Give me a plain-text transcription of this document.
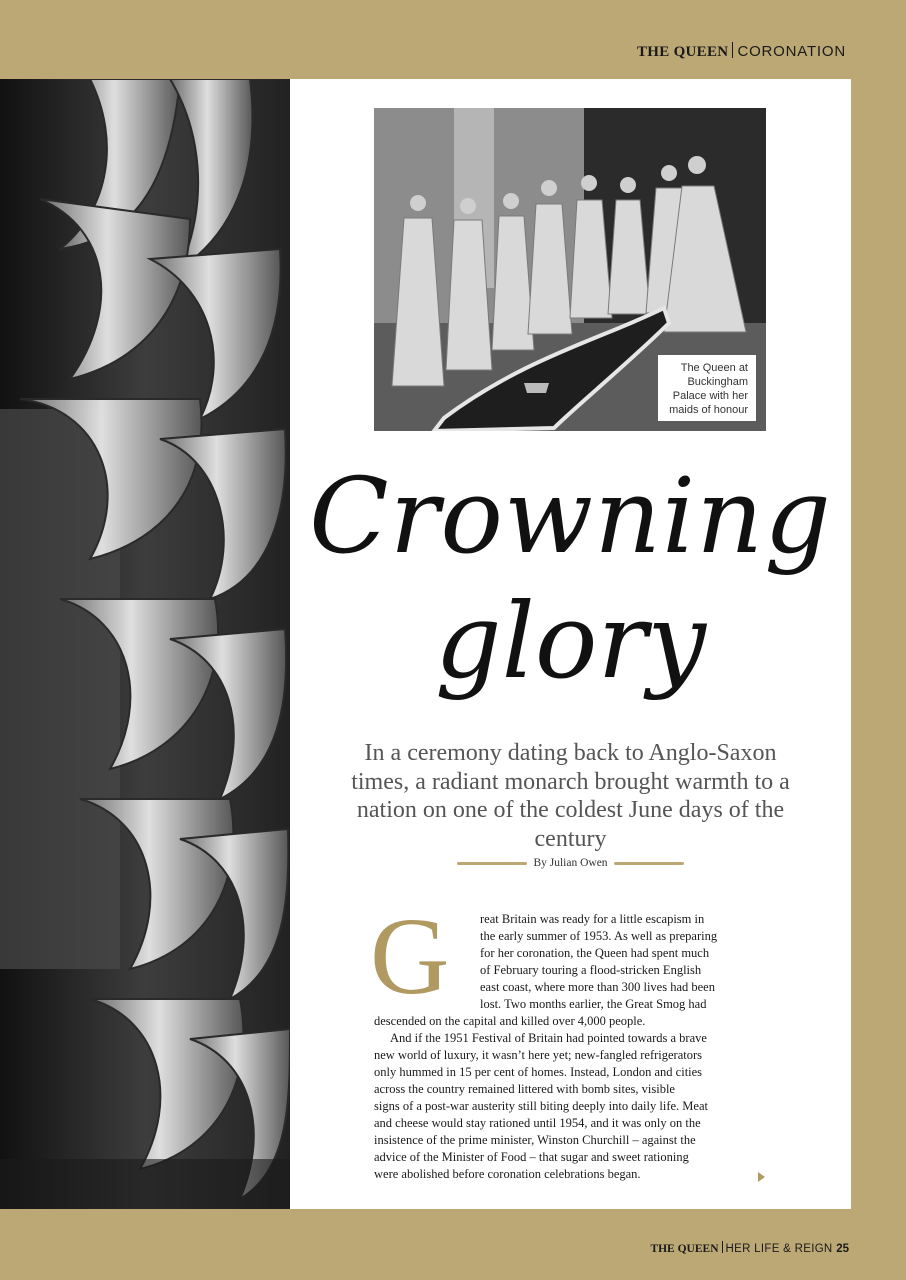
THE QUEEN CORONATION
The Queen at
Buckingham
Palace with her
maids of honour
Crowning
glory
In a ceremony dating back to Anglo-Saxon times, a radiant monarch brought warmth to a nation on one of the coldest June days of the century
By Julian Owen
G	reat Britain was ready for a little escapism in
the early summer of 1953. As well as preparing
for her coronation, the Queen had spent much
of February touring a flood-stricken English
east coast, where more than 300 lives had been
lost. Two months earlier, the Great Smog had
descended on the capital and killed over 4,000 people.
And if the 1951 Festival of Britain had pointed towards a brave
new world of luxury, it wasn’t here yet; new-fangled refrigerators
only hummed in 15 per cent of homes. Instead, London and cities
across the country remained littered with bomb sites, visible
signs of a post-war austerity still biting deeply into daily life. Meat
and cheese would stay rationed until 1954, and it was only on the
insistence of the prime minister, Winston Churchill – against the
advice of the Minister of Food – that sugar and sweet rationing
were abolished before coronation celebrations began.
THE QUEEN HER LIFE & REIGN 25
